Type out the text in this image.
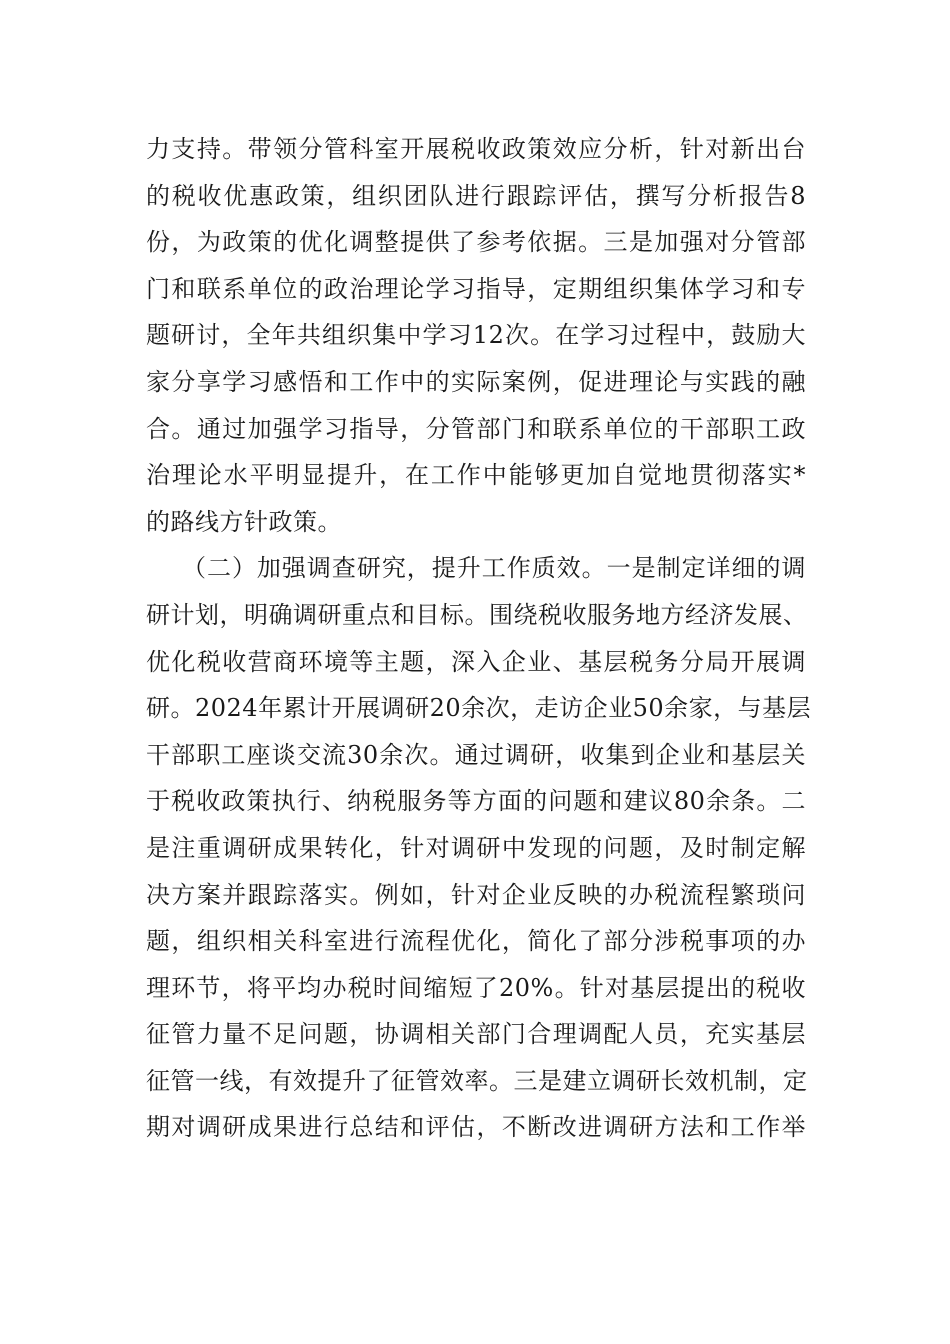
力支持。带领分管科室开展税收政策效应分析，针对新出台
的税收优惠政策，组织团队进行跟踪评估，撰写分析报告8
份，为政策的优化调整提供了参考依据。三是加强对分管部
门和联系单位的政治理论学习指导，定期组织集体学习和专
题研讨，全年共组织集中学习12次。在学习过程中，鼓励大
家分享学习感悟和工作中的实际案例，促进理论与实践的融
合。通过加强学习指导，分管部门和联系单位的干部职工政
治理论水平明显提升，在工作中能够更加自觉地贯彻落实*
的路线方针政策。
（二）加强调查研究，提升工作质效。一是制定详细的调
研计划，明确调研重点和目标。围绕税收服务地方经济发展、
优化税收营商环境等主题，深入企业、基层税务分局开展调
研。2024年累计开展调研20余次，走访企业50余家，与基层
干部职工座谈交流30余次。通过调研，收集到企业和基层关
于税收政策执行、纳税服务等方面的问题和建议80余条。二
是注重调研成果转化，针对调研中发现的问题，及时制定解
决方案并跟踪落实。例如，针对企业反映的办税流程繁琐问
题，组织相关科室进行流程优化，简化了部分涉税事项的办
理环节，将平均办税时间缩短了20%。针对基层提出的税收
征管力量不足问题，协调相关部门合理调配人员，充实基层
征管一线，有效提升了征管效率。三是建立调研长效机制，定
期对调研成果进行总结和评估，不断改进调研方法和工作举
